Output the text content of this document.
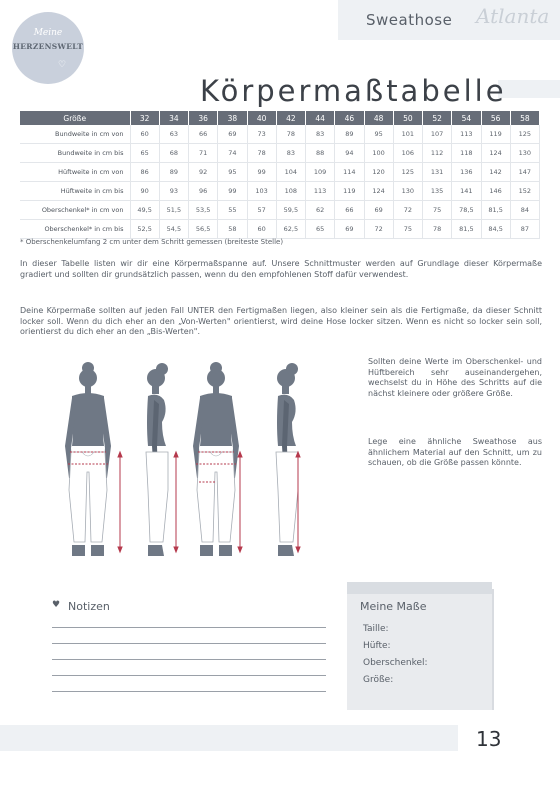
Meine
HERZENSWELT
♡
Sweathose Atlanta
Körpermaßtabelle
Größe	32	34	36	38	40	42	44	46	48	50	52	54	56	58
Bundweite in cm von	60	63	66	69	73	78	83	89	95	101	107	113	119	125
Bundweite in cm bis	65	68	71	74	78	83	88	94	100	106	112	118	124	130
Hüftweite in cm von	86	89	92	95	99	104	109	114	120	125	131	136	142	147
Hüftweite in cm bis	90	93	96	99	103	108	113	119	124	130	135	141	146	152
Oberschenkel* in cm von	49,5	51,5	53,5	55	57	59,5	62	66	69	72	75	78,5	81,5	84
Oberschenkel* in cm bis	52,5	54,5	56,5	58	60	62,5	65	69	72	75	78	81,5	84,5	87
* Oberschenkelumfang 2 cm unter dem Schritt gemessen (breiteste Stelle)
In dieser Tabelle listen wir dir eine Körpermaßspanne auf. Unsere Schnittmuster werden auf Grundlage dieser Körpermaße gradiert und sollten dir grundsätzlich passen, wenn du den empfohlenen Stoff dafür verwendest.
Deine Körpermaße sollten auf jeden Fall UNTER den Fertigmaßen liegen, also kleiner sein als die Fertigmaße, da dieser Schnitt locker soll. Wenn du dich eher an den „Von-Werten" orientierst, wird deine Hose locker sitzen. Wenn es nicht so locker sein soll, orientierst du dich eher an den „Bis-Werten".
Sollten deine Werte im Oberschenkel- und Hüftbereich sehr auseinandergehen, wechselst du in Höhe des Schritts auf die nächst kleinere oder größere Größe.
Lege eine ähnliche Sweathose aus ähnlichem Material auf den Schnitt, um zu schauen, ob die Größe passen könnte.
♥ Notizen	Meine Maße
Taille:
Hüfte:
Oberschenkel:
Größe:
13
